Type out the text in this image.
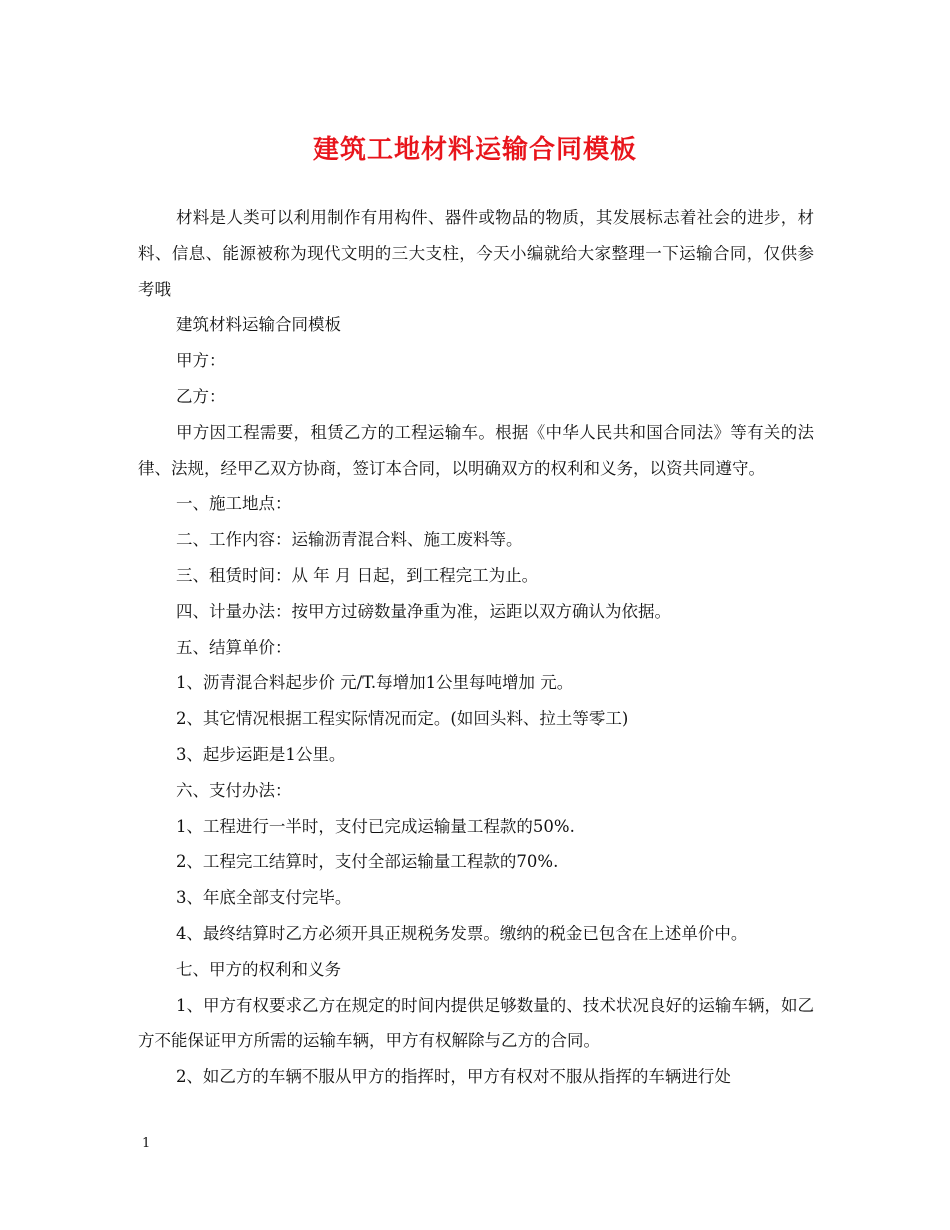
建筑工地材料运输合同模板

材料是人类可以利用制作有用构件、器件或物品的物质，其发展标志着社会的进步，材料、信息、能源被称为现代文明的三大支柱，今天小编就给大家整理一下运输合同，仅供参考哦

建筑材料运输合同模板

甲方：

乙方：

甲方因工程需要，租赁乙方的工程运输车。根据《中华人民共和国合同法》等有关的法律、法规，经甲乙双方协商，签订本合同，以明确双方的权利和义务，以资共同遵守。

一、施工地点：

二、工作内容：运输沥青混合料、施工废料等。

三、租赁时间：从 年 月 日起，到工程完工为止。

四、计量办法：按甲方过磅数量净重为准，运距以双方确认为依据。

五、结算单价：

1、沥青混合料起步价 元/T.每增加1公里每吨增加 元。

2、其它情况根据工程实际情况而定。(如回头料、拉土等零工)

3、起步运距是1公里。

六、支付办法：

1、工程进行一半时，支付已完成运输量工程款的50%.

2、工程完工结算时，支付全部运输量工程款的70%.

3、年底全部支付完毕。

4、最终结算时乙方必须开具正规税务发票。缴纳的税金已包含在上述单价中。

七、甲方的权利和义务

1、甲方有权要求乙方在规定的时间内提供足够数量的、技术状况良好的运输车辆，如乙方不能保证甲方所需的运输车辆，甲方有权解除与乙方的合同。

2、如乙方的车辆不服从甲方的指挥时，甲方有权对不服从指挥的车辆进行处

1
